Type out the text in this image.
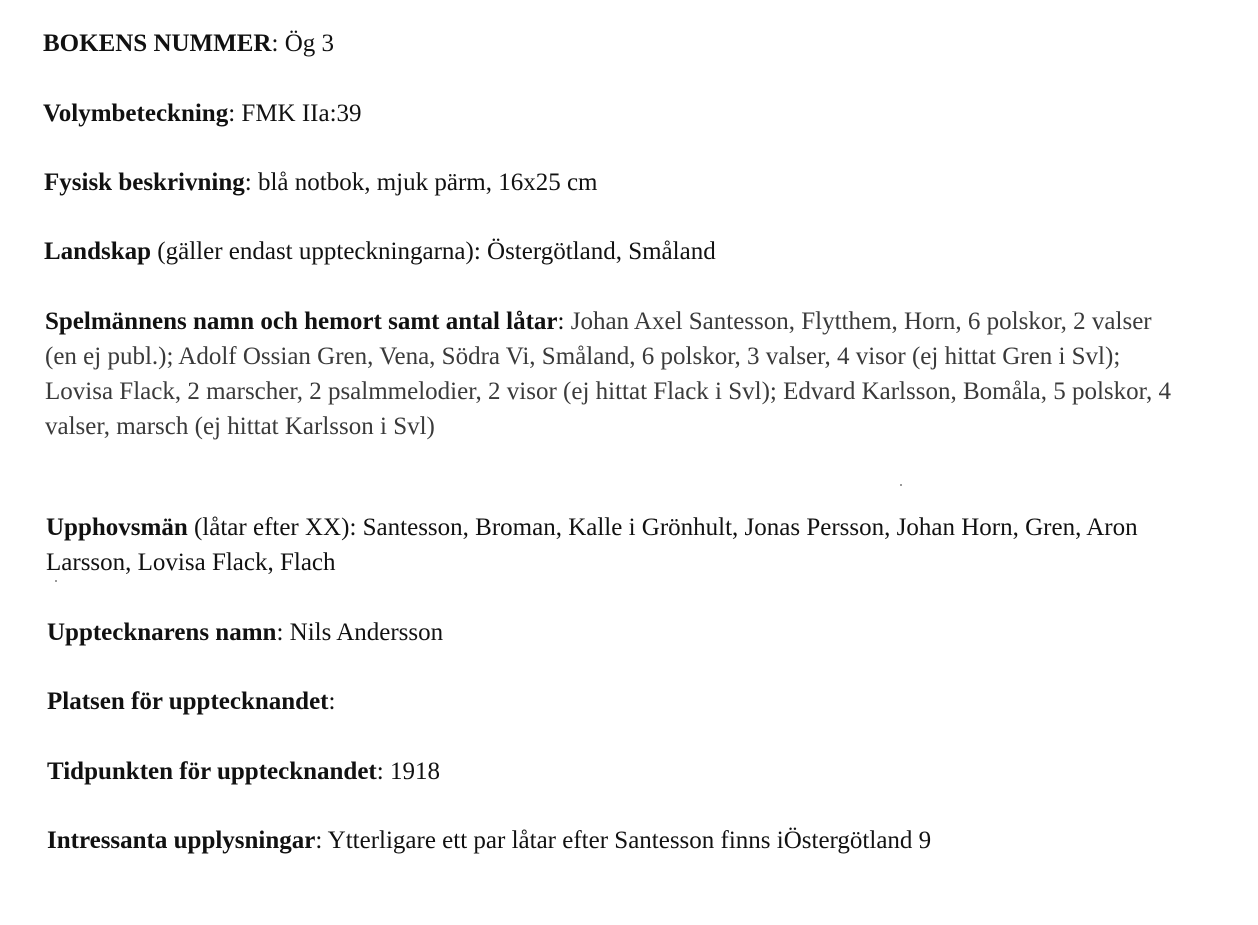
BOKENS NUMMER: Ög 3

Volymbeteckning: FMK IIa:39

Fysisk beskrivning: blå notbok, mjuk pärm, 16x25 cm

Landskap (gäller endast uppteckningarna): Östergötland, Småland

Spelmännens namn och hemort samt antal låtar: Johan Axel Santesson, Flytthem, Horn, 6 polskor, 2 valser (en ej publ.); Adolf Ossian Gren, Vena, Södra Vi, Småland, 6 polskor, 3 valser, 4 visor (ej hittat Gren i Svl); Lovisa Flack, 2 marscher, 2 psalmmelodier, 2 visor (ej hittat Flack i Svl); Edvard Karlsson, Bomåla, 5 polskor, 4 valser, marsch (ej hittat Karlsson i Svl)

Upphovsmän (låtar efter XX): Santesson, Broman, Kalle i Grönhult, Jonas Persson, Johan Horn, Gren, Aron Larsson, Lovisa Flack, Flach

Upptecknarens namn: Nils Andersson

Platsen för upptecknandet:

Tidpunkten för upptecknandet: 1918

Intressanta upplysningar: Ytterligare ett par låtar efter Santesson finns iÖstergötland 9
